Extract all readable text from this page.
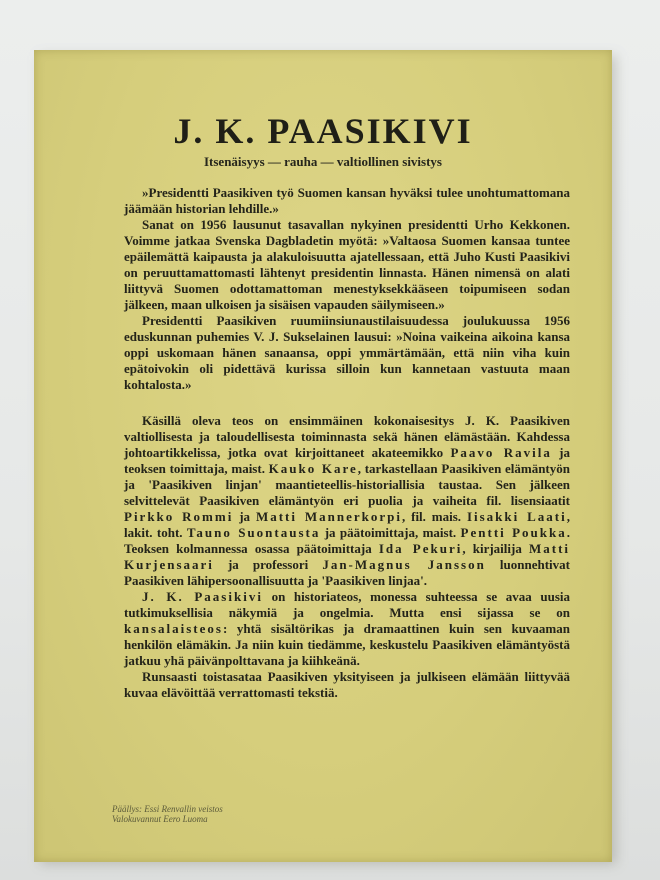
J. K. PAASIKIVI
Itsenäisyys — rauha — valtiollinen sivistys

»Presidentti Paasikiven työ Suomen kansan hyväksi tulee unohtumattomana jäämään historian lehdille.»

Sanat on 1956 lausunut tasavallan nykyinen presidentti Urho Kekkonen. Voimme jatkaa Svenska Dagbladetin myötä: »Valtaosa Suomen kansaa tuntee epäilemättä kaipausta ja alakuloisuutta ajatellessaan, että Juho Kusti Paasikivi on peruuttamattomasti lähtenyt presidentin linnasta. Hänen nimensä on alati liittyvä Suomen odottamattoman menestyksekkääseen toipumiseen sodan jälkeen, maan ulkoisen ja sisäisen vapauden säilymiseen.»

Presidentti Paasikiven ruumiinsiunaustilaisuudessa joulukuussa 1956 eduskunnan puhemies V. J. Sukselainen lausui: »Noina vaikeina aikoina kansa oppi uskomaan hänen sanaansa, oppi ymmärtämään, että niin viha kuin epätoivokin oli pidettävä kurissa silloin kun kannetaan vastuuta maan kohtalosta.»

Käsillä oleva teos on ensimmäinen kokonaisesitys J. K. Paasikiven valtiollisesta ja taloudellisesta toiminnasta sekä hänen elämästään. Kahdessa johtoartikkelissa, jotka ovat kirjoittaneet akateemikko Paavo Ravila ja teoksen toimittaja, maist. Kauko Kare, tarkastellaan Paasikiven elämäntyön ja 'Paasikiven linjan' maantieteellis-historiallisia taustaa. Sen jälkeen selvittelevät Paasikiven elämäntyön eri puolia ja vaiheita fil. lisensiaatit Pirkko Rommi ja Matti Mannerkorpi, fil. mais. Iisakki Laati, lakit. toht. Tauno Suontausta ja päätoimittaja, maist. Pentti Poukka. Teoksen kolmannessa osassa päätoimittaja Ida Pekuri, kirjailija Matti Kurjensaari ja professori Jan-Magnus Jansson luonnehtivat Paasikiven lähipersoonallisuutta ja 'Paasikiven linjaa'.

J. K. Paasikivi on historiateos, monessa suhteessa se avaa uusia tutkimuksellisia näkymiä ja ongelmia. Mutta ensi sijassa se on kansalaisteos: yhtä sisältörikas ja dramaattinen kuin sen kuvaaman henkilön elämäkin. Ja niin kuin tiedämme, keskustelu Paasikiven elämäntyöstä jatkuu yhä päivänpolttavana ja kiihkeänä.

Runsaasti toistasataa Paasikiven yksityiseen ja julkiseen elämään liittyvää kuvaa elävöittää verrattomasti tekstiä.

Päällys: Essi Renvallin veistos
Valokuvannut Eero Luoma
